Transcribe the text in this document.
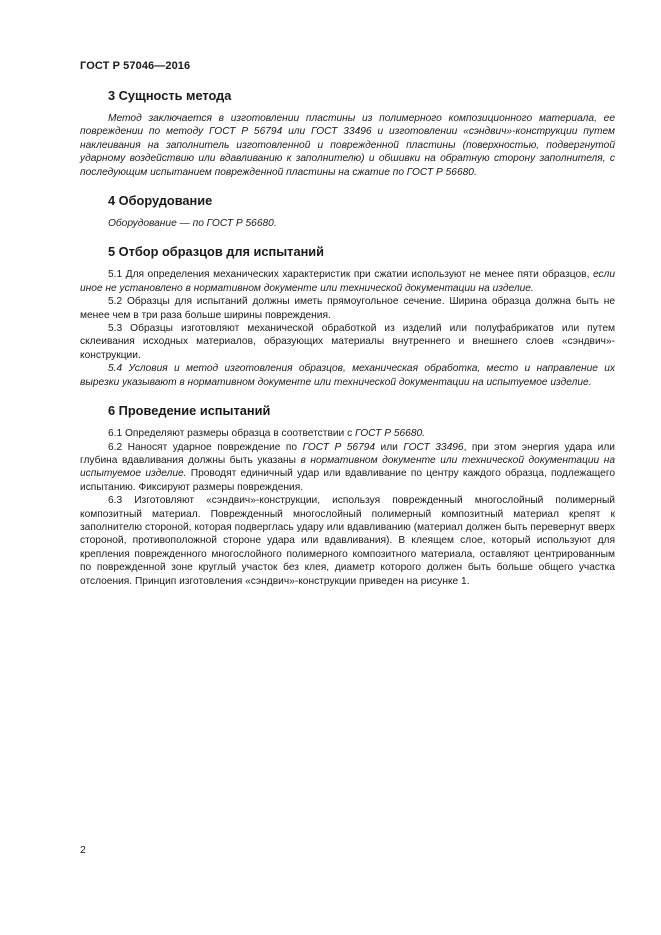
ГОСТ Р 57046—2016
3 Сущность метода

Метод заключается в изготовлении пластины из полимерного композиционного материала, ее повреждении по методу ГОСТ Р 56794 или ГОСТ 33496 и изготовлении «сэндвич»-конструкции путем наклеивания на заполнитель изготовленной и поврежденной пластины (поверхностью, подвергнутой ударному воздействию или вдавливанию к заполнителю) и обшивки на обратную сторону заполнителя, с последующим испытанием поврежденной пластины на сжатие по ГОСТ Р 56680.

4 Оборудование

Оборудование — по ГОСТ Р 56680.

5 Отбор образцов для испытаний

5.1 Для определения механических характеристик при сжатии используют не менее пяти образцов, если иное не установлено в нормативном документе или технической документации на изделие.

5.2 Образцы для испытаний должны иметь прямоугольное сечение. Ширина образца должна быть не менее чем в три раза больше ширины повреждения.

5.3 Образцы изготовляют механической обработкой из изделий или полуфабрикатов или путем склеивания исходных материалов, образующих материалы внутреннего и внешнего слоев «сэндвич»-конструкции.

5.4 Условия и метод изготовления образцов, механическая обработка, место и направление их вырезки указывают в нормативном документе или технической документации на испытуемое изделие.

6 Проведение испытаний

6.1 Определяют размеры образца в соответствии с ГОСТ Р 56680.

6.2 Наносят ударное повреждение по ГОСТ Р 56794 или ГОСТ 33496, при этом энергия удара или глубина вдавливания должны быть указаны в нормативном документе или технической документации на испытуемое изделие. Проводят единичный удар или вдавливание по центру каждого образца, подлежащего испытанию. Фиксируют размеры повреждения.

6.3 Изготовляют «сэндвич»-конструкции, используя поврежденный многослойный полимерный композитный материал. Поврежденный многослойный полимерный композитный материал крепят к заполнителю стороной, которая подверглась удару или вдавливанию (материал должен быть перевернут вверх стороной, противоположной стороне удара или вдавливания). В клеящем слое, который используют для крепления поврежденного многослойного полимерного композитного материала, оставляют центрированным по поврежденной зоне круглый участок без клея, диаметр которого должен быть больше общего участка отслоения. Принцип изготовления «сэндвич»-конструкции приведен на рисунке 1.

2
